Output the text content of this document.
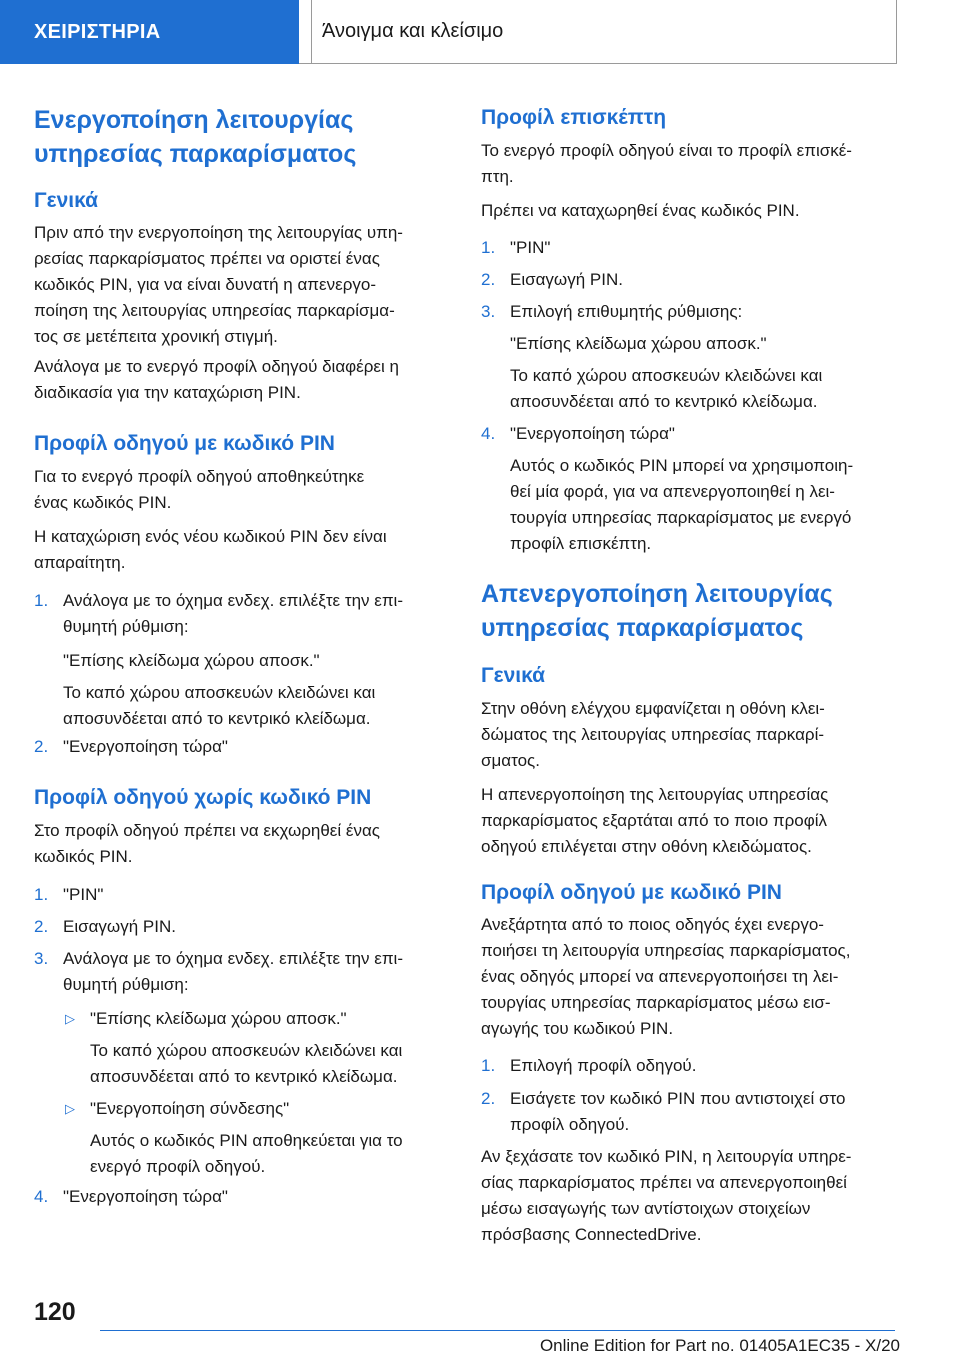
ΧΕΙΡΙΣΤΗΡΙΑ	Άνοιγμα και κλείσιμο
Ενεργοποίηση λειτουργίας
υπηρεσίας παρκαρίσματος
Γενικά
Πριν από την ενεργοποίηση της λειτουργίας υπη-
ρεσίας παρκαρίσματος πρέπει να οριστεί ένας
κωδικός PIN, για να είναι δυνατή η απενεργο-
ποίηση της λειτουργίας υπηρεσίας παρκαρίσμα-
τος σε μετέπειτα χρονική στιγμή.
Ανάλογα με το ενεργό προφίλ οδηγού διαφέρει η
διαδικασία για την καταχώριση PIN.
Προφίλ οδηγού με κωδικό PIN
Για το ενεργό προφίλ οδηγού αποθηκεύτηκε
ένας κωδικός PIN.
Η καταχώριση ενός νέου κωδικού PIN δεν είναι
απαραίτητη.
1. Ανάλογα με το όχημα ενδεχ. επιλέξτε την επι-
θυμητή ρύθμιση:
"Επίσης κλείδωμα χώρου αποσκ."
Το καπό χώρου αποσκευών κλειδώνει και
αποσυνδέεται από το κεντρικό κλείδωμα.
2. "Ενεργοποίηση τώρα"
Προφίλ οδηγού χωρίς κωδικό PIN
Στο προφίλ οδηγού πρέπει να εκχωρηθεί ένας
κωδικός PIN.
1. "PIN"
2. Εισαγωγή PIN.
3. Ανάλογα με το όχημα ενδεχ. επιλέξτε την επι-
θυμητή ρύθμιση:
▷ "Επίσης κλείδωμα χώρου αποσκ."
Το καπό χώρου αποσκευών κλειδώνει και
αποσυνδέεται από το κεντρικό κλείδωμα.
▷ "Ενεργοποίηση σύνδεσης"
Αυτός ο κωδικός PIN αποθηκεύεται για το
ενεργό προφίλ οδηγού.
4. "Ενεργοποίηση τώρα"
Προφίλ επισκέπτη
Το ενεργό προφίλ οδηγού είναι το προφίλ επισκέ-
πτη.
Πρέπει να καταχωρηθεί ένας κωδικός PIN.
1. "PIN"
2. Εισαγωγή PIN.
3. Επιλογή επιθυμητής ρύθμισης:
"Επίσης κλείδωμα χώρου αποσκ."
Το καπό χώρου αποσκευών κλειδώνει και
αποσυνδέεται από το κεντρικό κλείδωμα.
4. "Ενεργοποίηση τώρα"
Αυτός ο κωδικός PIN μπορεί να χρησιμοποιη-
θεί μία φορά, για να απενεργοποιηθεί η λει-
τουργία υπηρεσίας παρκαρίσματος με ενεργό
προφίλ επισκέπτη.
Απενεργοποίηση λειτουργίας
υπηρεσίας παρκαρίσματος
Γενικά
Στην οθόνη ελέγχου εμφανίζεται η οθόνη κλει-
δώματος της λειτουργίας υπηρεσίας παρκαρί-
σματος.
Η απενεργοποίηση της λειτουργίας υπηρεσίας
παρκαρίσματος εξαρτάται από το ποιο προφίλ
οδηγού επιλέγεται στην οθόνη κλειδώματος.
Προφίλ οδηγού με κωδικό PIN
Ανεξάρτητα από το ποιος οδηγός έχει ενεργο-
ποιήσει τη λειτουργία υπηρεσίας παρκαρίσματος,
ένας οδηγός μπορεί να απενεργοποιήσει τη λει-
τουργίας υπηρεσίας παρκαρίσματος μέσω εισ-
αγωγής του κωδικού PIN.
1. Επιλογή προφίλ οδηγού.
2. Εισάγετε τον κωδικό PIN που αντιστοιχεί στο
προφίλ οδηγού.
Αν ξεχάσατε τον κωδικό PIN, η λειτουργία υπηρε-
σίας παρκαρίσματος πρέπει να απενεργοποιηθεί
μέσω εισαγωγής των αντίστοιχων στοιχείων
πρόσβασης ConnectedDrive.
120
Online Edition for Part no. 01405A1EC35 - X/20
